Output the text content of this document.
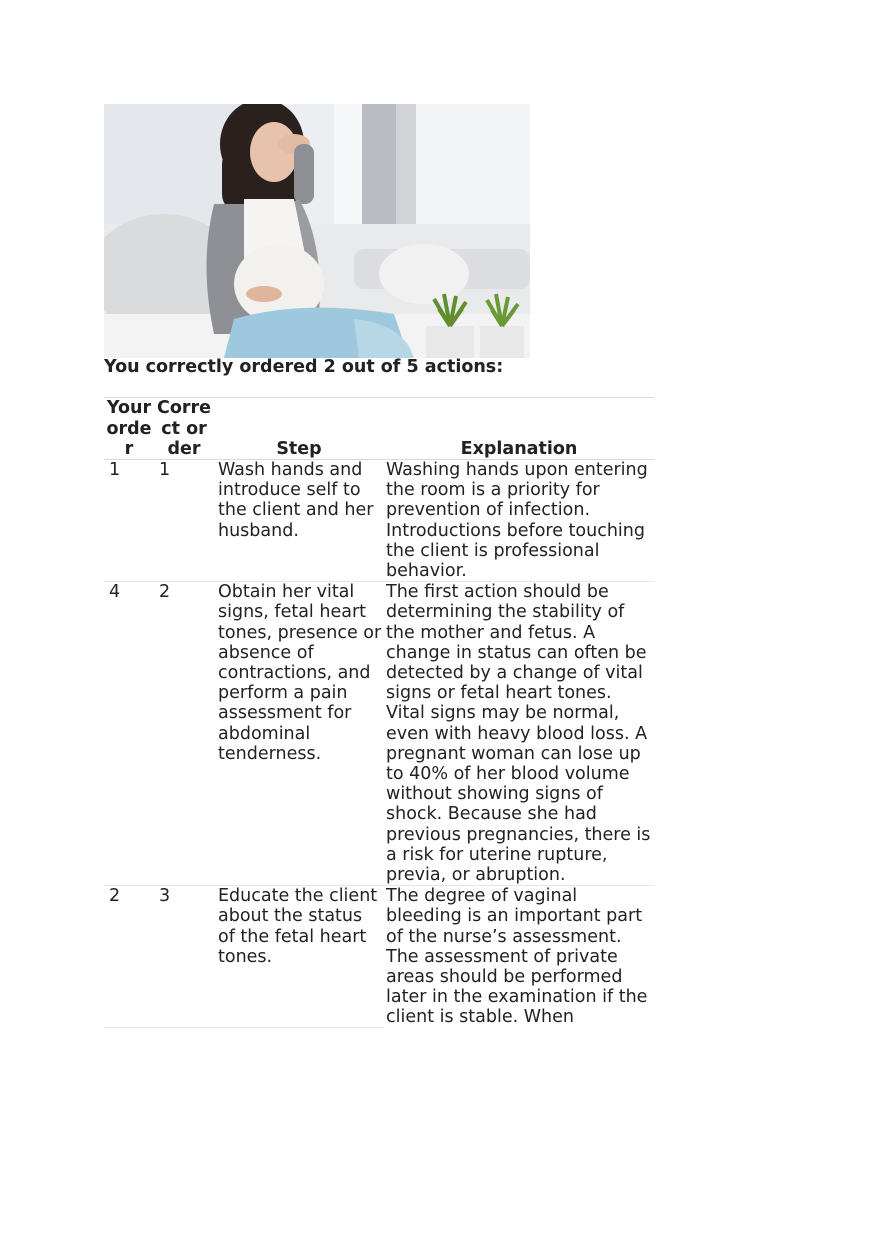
You correctly ordered 2 out of 5 actions:
Your order	Correct order	Step	Explanation
1	1	Wash hands and introduce self to the client and her husband.	Washing hands upon entering the room is a priority for prevention of infection. Introductions before touching the client is professional behavior.
4	2	Obtain her vital signs, fetal heart tones, presence or absence of contractions, and perform a pain assessment for abdominal tenderness.	The first action should be determining the stability of the mother and fetus. A change in status can often be detected by a change of vital signs or fetal heart tones. Vital signs may be normal, even with heavy blood loss. A pregnant woman can lose up to 40% of her blood volume without showing signs of shock. Because she had previous pregnancies, there is a risk for uterine rupture, previa, or abruption.
2	3	Educate the client about the status of the fetal heart tones.	The degree of vaginal bleeding is an important part of the nurse’s assessment. The assessment of private areas should be performed later in the examination if the client is stable. When
